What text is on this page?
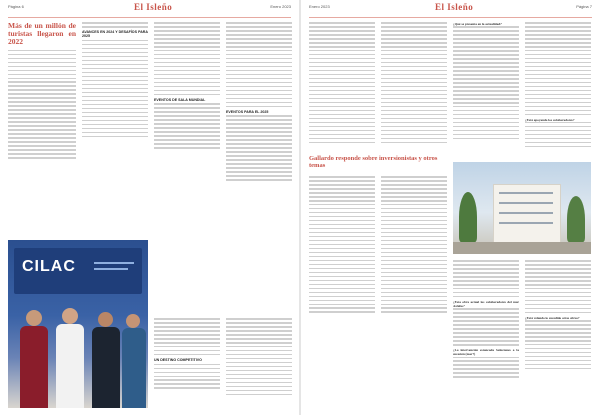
Página 6	El Isleño	Enero 2023
Más de un millón de turistas llegaron en 2022
AVANCES EN 2024 Y DESAFÍOS PARA 2025
EVENTOS DE SALA MUNDIAL
EVENTOS PARA EL 2025
CILAC
UN DESTINO COMPETITIVO
Enero 2023	El Isleño	Página 7
¿Qué se presenta en la actualidad?
¿Está apoyando los colaboradores?
Gallardo responde sobre inversionistas y otros temas
¿Esta obra actual los colaboradores del mar Asfalto?
¿La intervención estancada Soluciones a la sucesión (mar?)
¿Está velando lo sucedido otras obras?
